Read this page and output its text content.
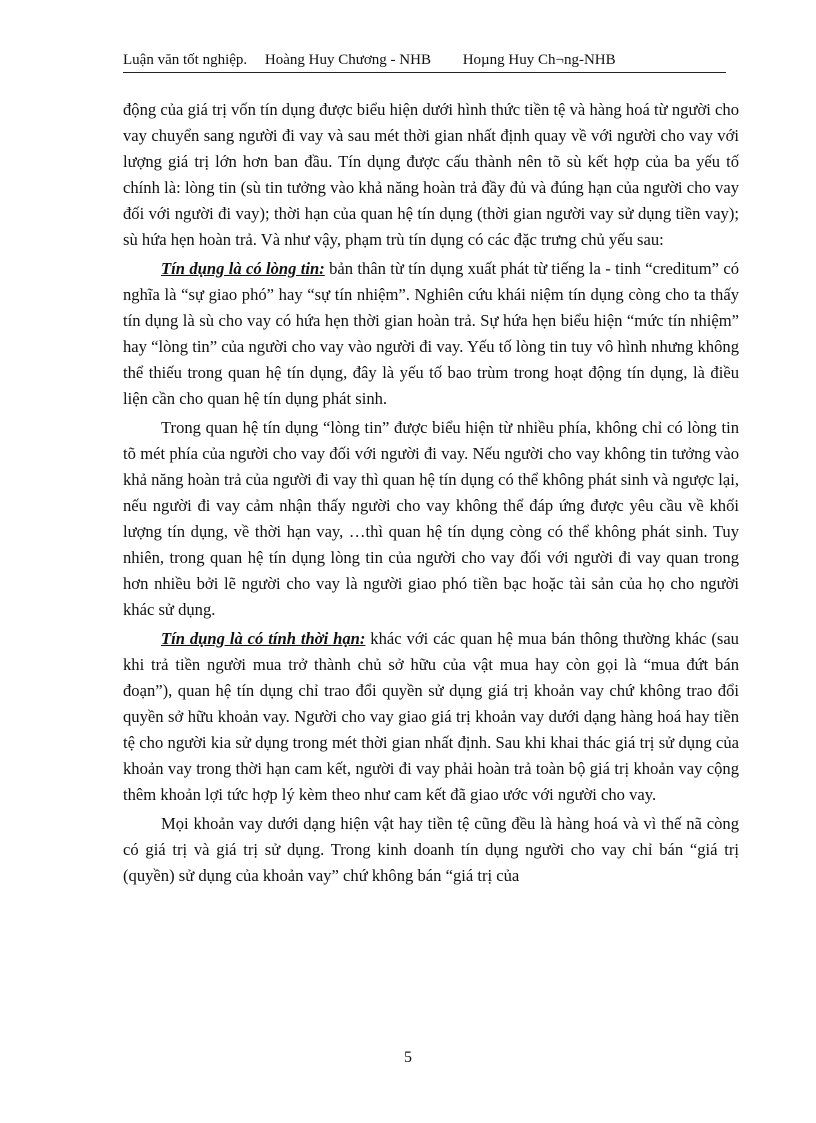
Luận văn tốt nghiệp. Hoàng Huy Chương - NHB Hoµng Huy Ch¬ng-NHB

động của giá trị vốn tín dụng được biểu hiện dưới hình thức tiền tệ và hàng hoá từ người cho vay chuyển sang người đi vay và sau mét thời gian nhất định quay về với người cho vay với lượng giá trị lớn hơn ban đầu. Tín dụng được cấu thành nên tõ sù kết hợp của ba yếu tố chính là: lòng tin (sù tin tưởng vào khả năng hoàn trả đầy đủ và đúng hạn của người cho vay đối với người đi vay); thời hạn của quan hệ tín dụng (thời gian người vay sử dụng tiền vay); sù hứa hẹn hoàn trả. Và như vậy, phạm trù tín dụng có các đặc trưng chủ yếu sau:

Tín dụng là có lòng tin: bản thân từ tín dụng xuất phát từ tiếng la - tinh “creditum” có nghĩa là “sự giao phó” hay “sự tín nhiệm”. Nghiên cứu khái niệm tín dụng còng cho ta thấy tín dụng là sù cho vay có hứa hẹn thời gian hoàn trả. Sự hứa hẹn biểu hiện “mức tín nhiệm” hay “lòng tin” của người cho vay vào người đi vay. Yếu tố lòng tin tuy vô hình nhưng không thể thiếu trong quan hệ tín dụng, đây là yếu tố bao trùm trong hoạt động tín dụng, là điều liện cần cho quan hệ tín dụng phát sinh.

Trong quan hệ tín dụng “lòng tin” được biểu hiện từ nhiều phía, không chỉ có lòng tin tõ mét phía của người cho vay đối với người đi vay. Nếu người cho vay không tin tưởng vào khả năng hoàn trả của người đi vay thì quan hệ tín dụng có thể không phát sinh và ngược lại, nếu người đi vay cảm nhận thấy người cho vay không thể đáp ứng được yêu cầu về khối lượng tín dụng, về thời hạn vay, …thì quan hệ tín dụng còng có thể không phát sinh. Tuy nhiên, trong quan hệ tín dụng lòng tin của người cho vay đối với người đi vay quan trong hơn nhiều bởi lẽ người cho vay là người giao phó tiền bạc hoặc tài sản của họ cho người khác sử dụng.

Tín dụng là có tính thời hạn: khác với các quan hệ mua bán thông thường khác (sau khi trả tiền người mua trở thành chủ sở hữu của vật mua hay còn gọi là “mua đứt bán đoạn”), quan hệ tín dụng chỉ trao đổi quyền sử dụng giá trị khoản vay chứ không trao đổi quyền sở hữu khoản vay. Người cho vay giao giá trị khoản vay dưới dạng hàng hoá hay tiền tệ cho người kia sử dụng trong mét thời gian nhất định. Sau khi khai thác giá trị sử dụng của khoản vay trong thời hạn cam kết, người đi vay phải hoàn trả toàn bộ giá trị khoản vay cộng thêm khoản lợi tức hợp lý kèm theo như cam kết đã giao ước với người cho vay.

Mọi khoản vay dưới dạng hiện vật hay tiền tệ cũng đều là hàng hoá và vì thế nã còng có giá trị và giá trị sử dụng. Trong kinh doanh tín dụng người cho vay chỉ bán “giá trị (quyền) sử dụng của khoản vay” chứ không bán “giá trị của

5
